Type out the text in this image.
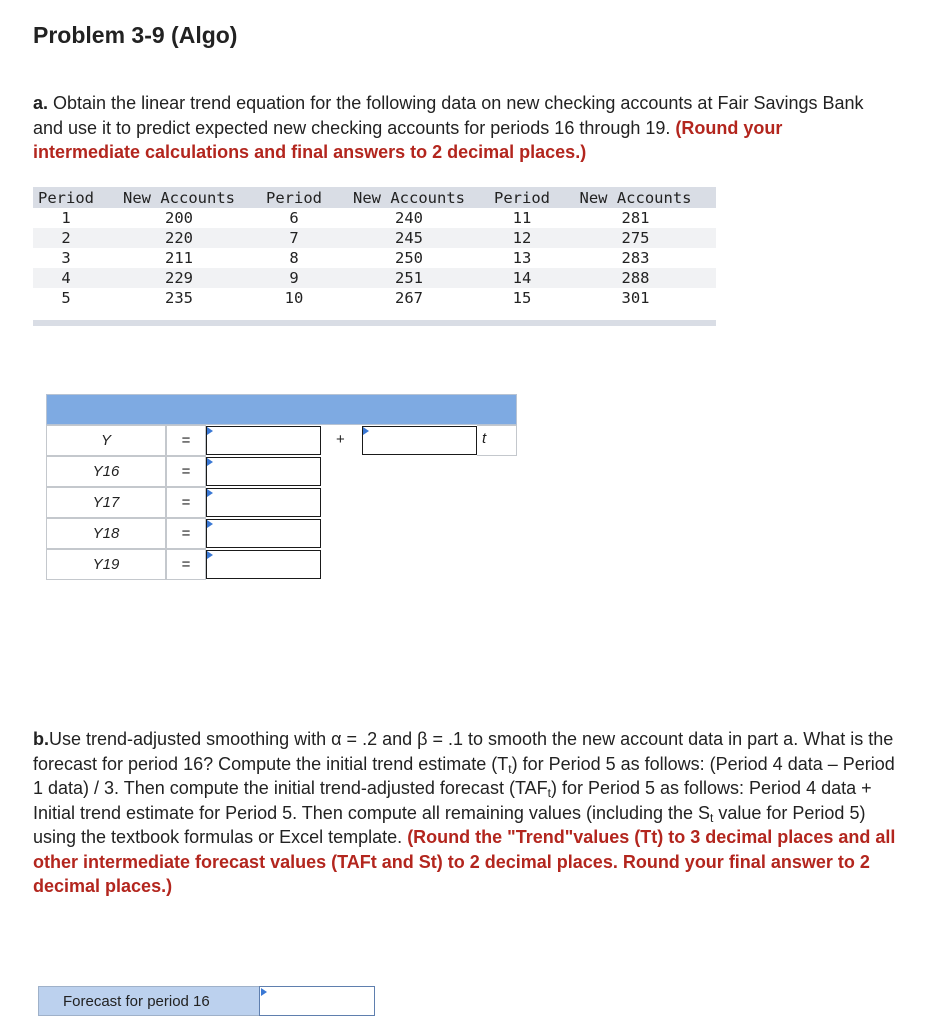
Problem 3-9 (Algo)

a. Obtain the linear trend equation for the following data on new checking accounts at Fair Savings Bank and use it to predict expected new checking accounts for periods 16 through 19. (Round your intermediate calculations and final answers to 2 decimal places.)

Period	New Accounts	Period	New Accounts	Period	New Accounts
1	200	6	240	11	281
2	220	7	245	12	275
3	211	8	250	13	283
4	229	9	251	14	288
5	235	10	267	15	301
Y	=	+	t
Y16	=
Y17	=
Y18	=
Y19	=

b.Use trend-adjusted smoothing with α = .2 and β = .1 to smooth the new account data in part a. What is the forecast for period 16? Compute the initial trend estimate $(T_t)$ for Period 5 as follows: (Period 4 data – Period 1 data) / 3. Then compute the initial trend-adjusted forecast $(TAF_t)$ for Period 5 as follows: Period 4 data + Initial trend estimate for Period 5. Then compute all remaining values (including the $S_t$ value for Period 5) using the textbook formulas or Excel template. (Round the "Trend"values (Tt) to 3 decimal places and all other intermediate forecast values (TAFt and St) to 2 decimal places. Round your final answer to 2 decimal places.)

Forecast for period 16
